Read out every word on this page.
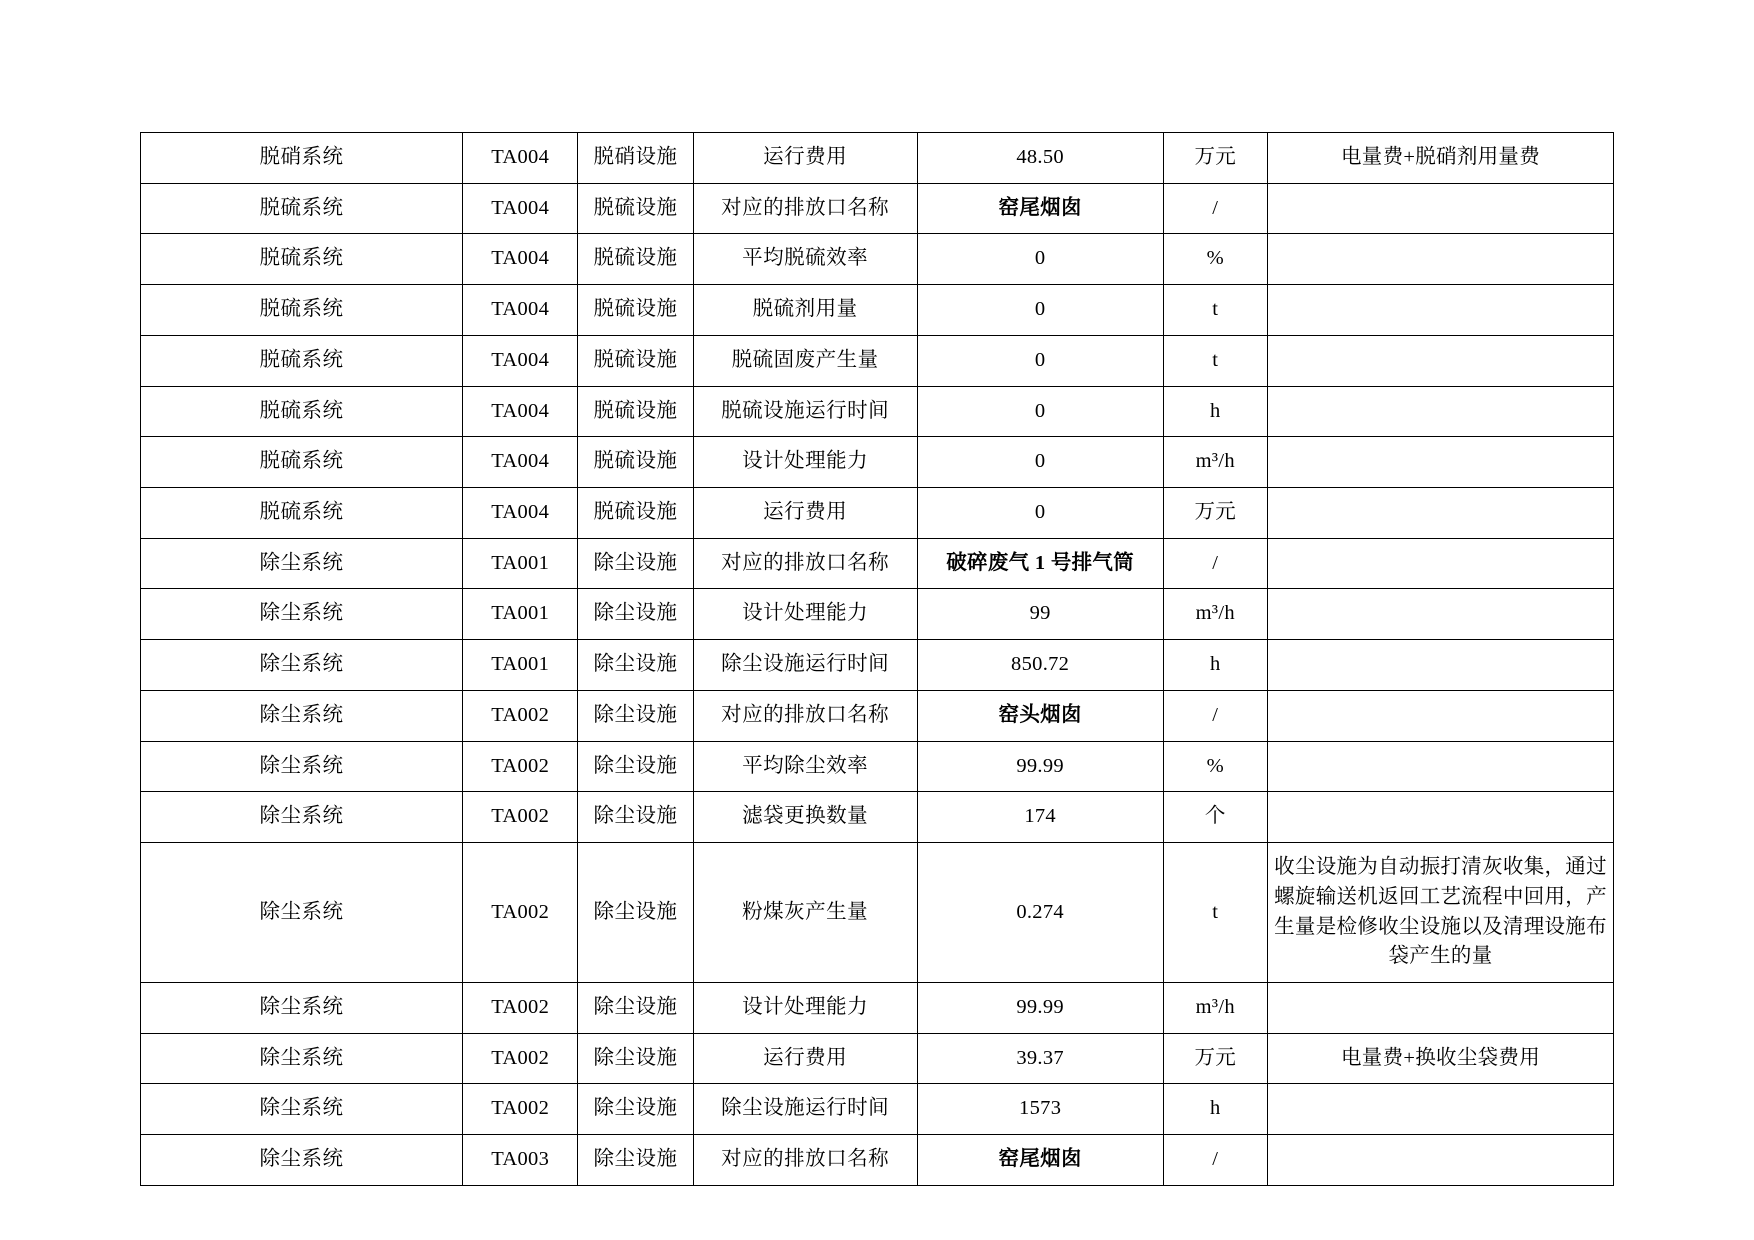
脱硝系统	TA004	脱硝设施	运行费用	48.50	万元	电量费+脱硝剂用量费
脱硫系统	TA004	脱硫设施	对应的排放口名称	窑尾烟囱	/	
脱硫系统	TA004	脱硫设施	平均脱硫效率	0	%	
脱硫系统	TA004	脱硫设施	脱硫剂用量	0	t	
脱硫系统	TA004	脱硫设施	脱硫固废产生量	0	t	
脱硫系统	TA004	脱硫设施	脱硫设施运行时间	0	h	
脱硫系统	TA004	脱硫设施	设计处理能力	0	m³/h	
脱硫系统	TA004	脱硫设施	运行费用	0	万元	
除尘系统	TA001	除尘设施	对应的排放口名称	破碎废气 1 号排气筒	/	
除尘系统	TA001	除尘设施	设计处理能力	99	m³/h	
除尘系统	TA001	除尘设施	除尘设施运行时间	850.72	h	
除尘系统	TA002	除尘设施	对应的排放口名称	窑头烟囱	/	
除尘系统	TA002	除尘设施	平均除尘效率	99.99	%	
除尘系统	TA002	除尘设施	滤袋更换数量	174	个	
除尘系统	TA002	除尘设施	粉煤灰产生量	0.274	t	收尘设施为自动振打清灰收集，通过螺旋输送机返回工艺流程中回用，产生量是检修收尘设施以及清理设施布袋产生的量
除尘系统	TA002	除尘设施	设计处理能力	99.99	m³/h	
除尘系统	TA002	除尘设施	运行费用	39.37	万元	电量费+换收尘袋费用
除尘系统	TA002	除尘设施	除尘设施运行时间	1573	h	
除尘系统	TA003	除尘设施	对应的排放口名称	窑尾烟囱	/	
